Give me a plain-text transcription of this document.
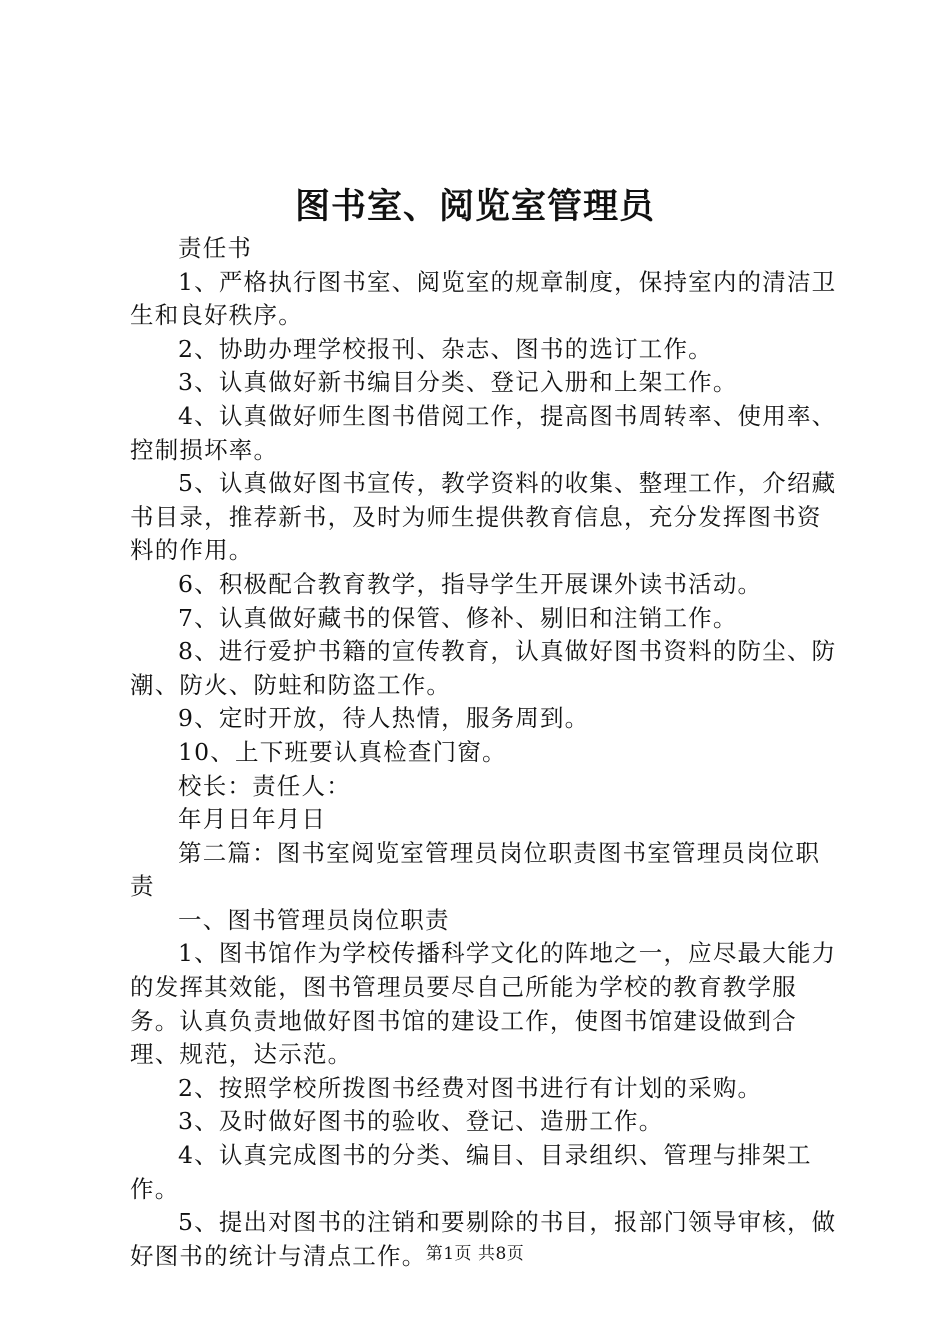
图书室、阅览室管理员

责任书

1、严格执行图书室、阅览室的规章制度，保持室内的清洁卫生和良好秩序。

2、协助办理学校报刊、杂志、图书的选订工作。

3、认真做好新书编目分类、登记入册和上架工作。

4、认真做好师生图书借阅工作，提高图书周转率、使用率、控制损坏率。

5、认真做好图书宣传，教学资料的收集、整理工作，介绍藏书目录，推荐新书，及时为师生提供教育信息，充分发挥图书资料的作用。

6、积极配合教育教学，指导学生开展课外读书活动。

7、认真做好藏书的保管、修补、剔旧和注销工作。

8、进行爱护书籍的宣传教育，认真做好图书资料的防尘、防潮、防火、防蛀和防盗工作。

9、定时开放，待人热情，服务周到。

10、上下班要认真检查门窗。

校长：责任人：

年月日年月日

第二篇：图书室阅览室管理员岗位职责图书室管理员岗位职责

一、图书管理员岗位职责

1、图书馆作为学校传播科学文化的阵地之一，应尽最大能力的发挥其效能，图书管理员要尽自己所能为学校的教育教学服务。认真负责地做好图书馆的建设工作，使图书馆建设做到合理、规范，达示范。

2、按照学校所拨图书经费对图书进行有计划的采购。

3、及时做好图书的验收、登记、造册工作。

4、认真完成图书的分类、编目、目录组织、管理与排架工作。

5、提出对图书的注销和要剔除的书目，报部门领导审核，做好图书的统计与清点工作。 第1页 共8页
